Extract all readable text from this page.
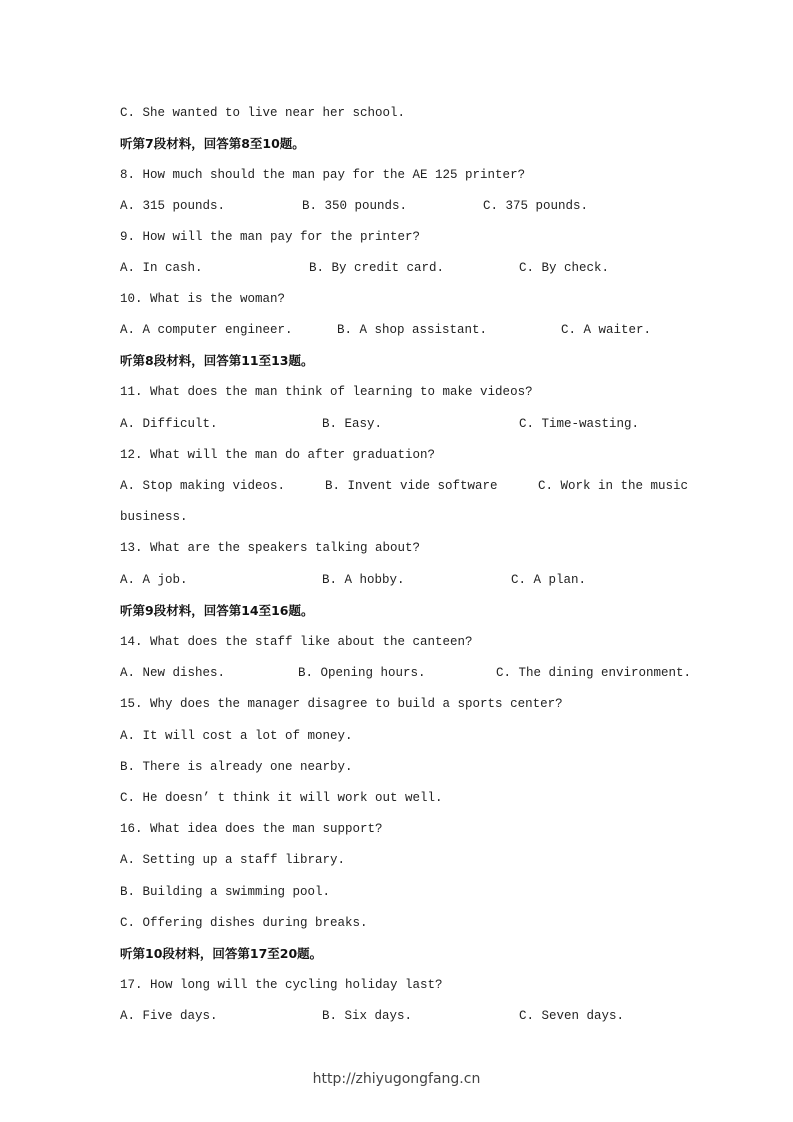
C. She wanted to live near her school.
听第7段材料，回答第8至10题。
8. How much should the man pay for the AE 125 printer?
A. 315 pounds.	B. 350 pounds.	C. 375 pounds.
9. How will the man pay for the printer?
A. In cash.	B. By credit card.	C. By check.
10. What is the woman?
A. A computer engineer.	B. A shop assistant.	C. A waiter.
听第8段材料，回答第11至13题。
11. What does the man think of learning to make videos?
A. Difficult.	B. Easy.	C. Time-wasting.
12. What will the man do after graduation?
A. Stop making videos.	B. Invent vide software	C. Work in the music
business.
13. What are the speakers talking about?
A. A job.	B. A hobby.	C. A plan.
听第9段材料，回答第14至16题。
14. What does the staff like about the canteen?
A. New dishes.	B. Opening hours.	C. The dining environment.
15. Why does the manager disagree to build a sports center?
A. It will cost a lot of money.
B. There is already one nearby.
C. He doesn’ t think it will work out well.
16. What idea does the man support?
A. Setting up a staff library.
B. Building a swimming pool.
C. Offering dishes during breaks.
听第10段材料，回答第17至20题。
17. How long will the cycling holiday last?
A. Five days.	B. Six days.	C. Seven days.
http://zhiyugongfang.cn
